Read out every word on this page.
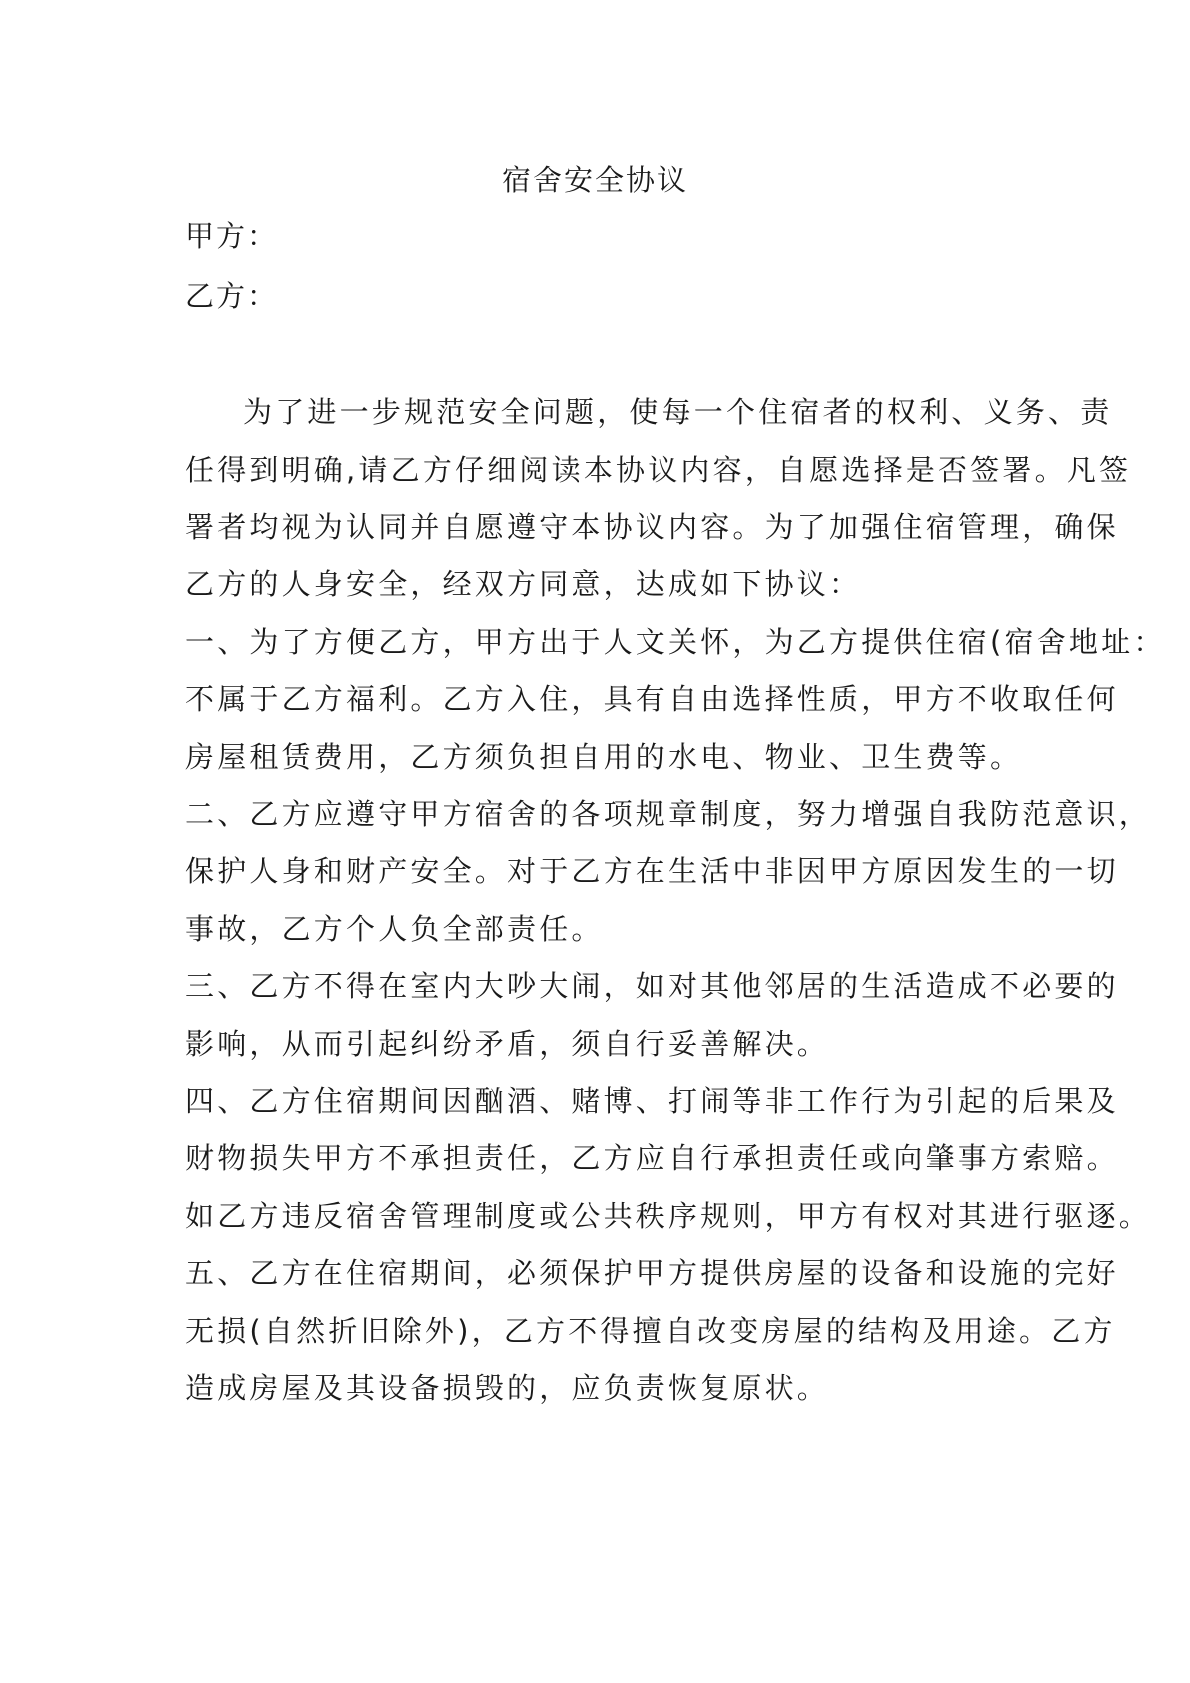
宿舍安全协议
甲方：
乙方：
为了进一步规范安全问题，使每一个住宿者的权利、义务、责
任得到明确,请乙方仔细阅读本协议内容，自愿选择是否签署。凡签
署者均视为认同并自愿遵守本协议内容。为了加强住宿管理，确保
乙方的人身安全，经双方同意，达成如下协议：
一、为了方便乙方，甲方出于人文关怀，为乙方提供住宿(宿舍地址：
不属于乙方福利。乙方入住，具有自由选择性质，甲方不收取任何
房屋租赁费用，乙方须负担自用的水电、物业、卫生费等。
二、乙方应遵守甲方宿舍的各项规章制度，努力增强自我防范意识，
保护人身和财产安全。对于乙方在生活中非因甲方原因发生的一切
事故，乙方个人负全部责任。
三、乙方不得在室内大吵大闹，如对其他邻居的生活造成不必要的
影响，从而引起纠纷矛盾，须自行妥善解决。
四、乙方住宿期间因酗酒、赌博、打闹等非工作行为引起的后果及
财物损失甲方不承担责任，乙方应自行承担责任或向肇事方索赔。
如乙方违反宿舍管理制度或公共秩序规则，甲方有权对其进行驱逐。
五、乙方在住宿期间，必须保护甲方提供房屋的设备和设施的完好
无损(自然折旧除外)，乙方不得擅自改变房屋的结构及用途。乙方
造成房屋及其设备损毁的，应负责恢复原状。
